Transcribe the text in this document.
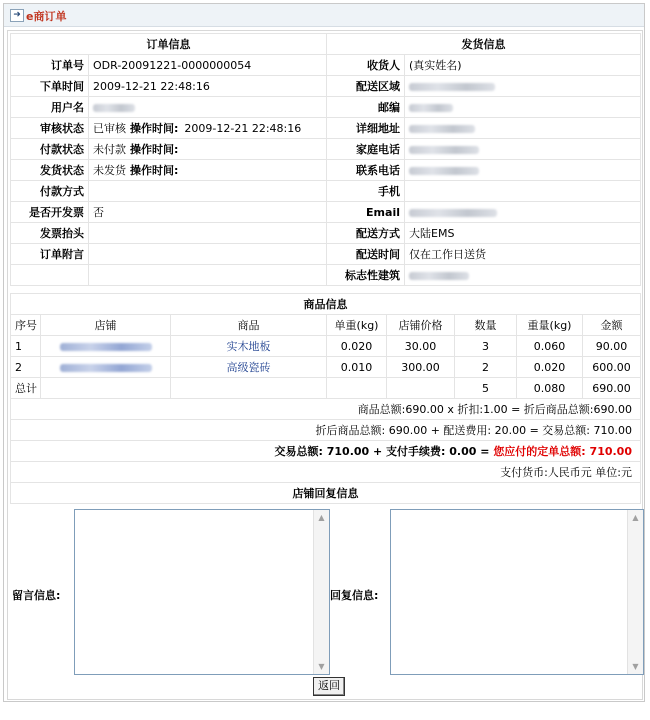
➜ e商订单
订单信息		发货信息	
订单号	ODR-20091221-0000000054	收货人	(真实姓名)
下单时间	2009-12-21 22:48:16	配送区域	
用户名		邮编	
审核状态	已审核 操作时间: 2009-12-21 22:48:16	详细地址	
付款状态	未付款 操作时间:	家庭电话	
发货状态	未发货 操作时间:	联系电话	
付款方式		手机	
是否开发票	否	Email	
发票抬头		配送方式	大陆EMS
订单附言		配送时间	仅在工作日送货
		标志性建筑	
商品信息							
序号	店铺	商品	单重(kg)	店铺价格	数量	重量(kg)	金额
1		实木地板	0.020	30.00	3	0.060	90.00
2		高级瓷砖	0.010	300.00	2	0.020	600.00
总计					5	0.080	690.00
商品总额:690.00 x 折扣:1.00 = 折后商品总额:690.00							
折后商品总额: 690.00 + 配送费用: 20.00 = 交易总额: 710.00							
交易总额: 710.00 + 支付手续费: 0.00 = 您应付的定单总额: 710.00							
支付货币:人民币元 单位:元							
店铺回复信息							
留言信息:
▲
▼
回复信息:
▲
▼
返回
